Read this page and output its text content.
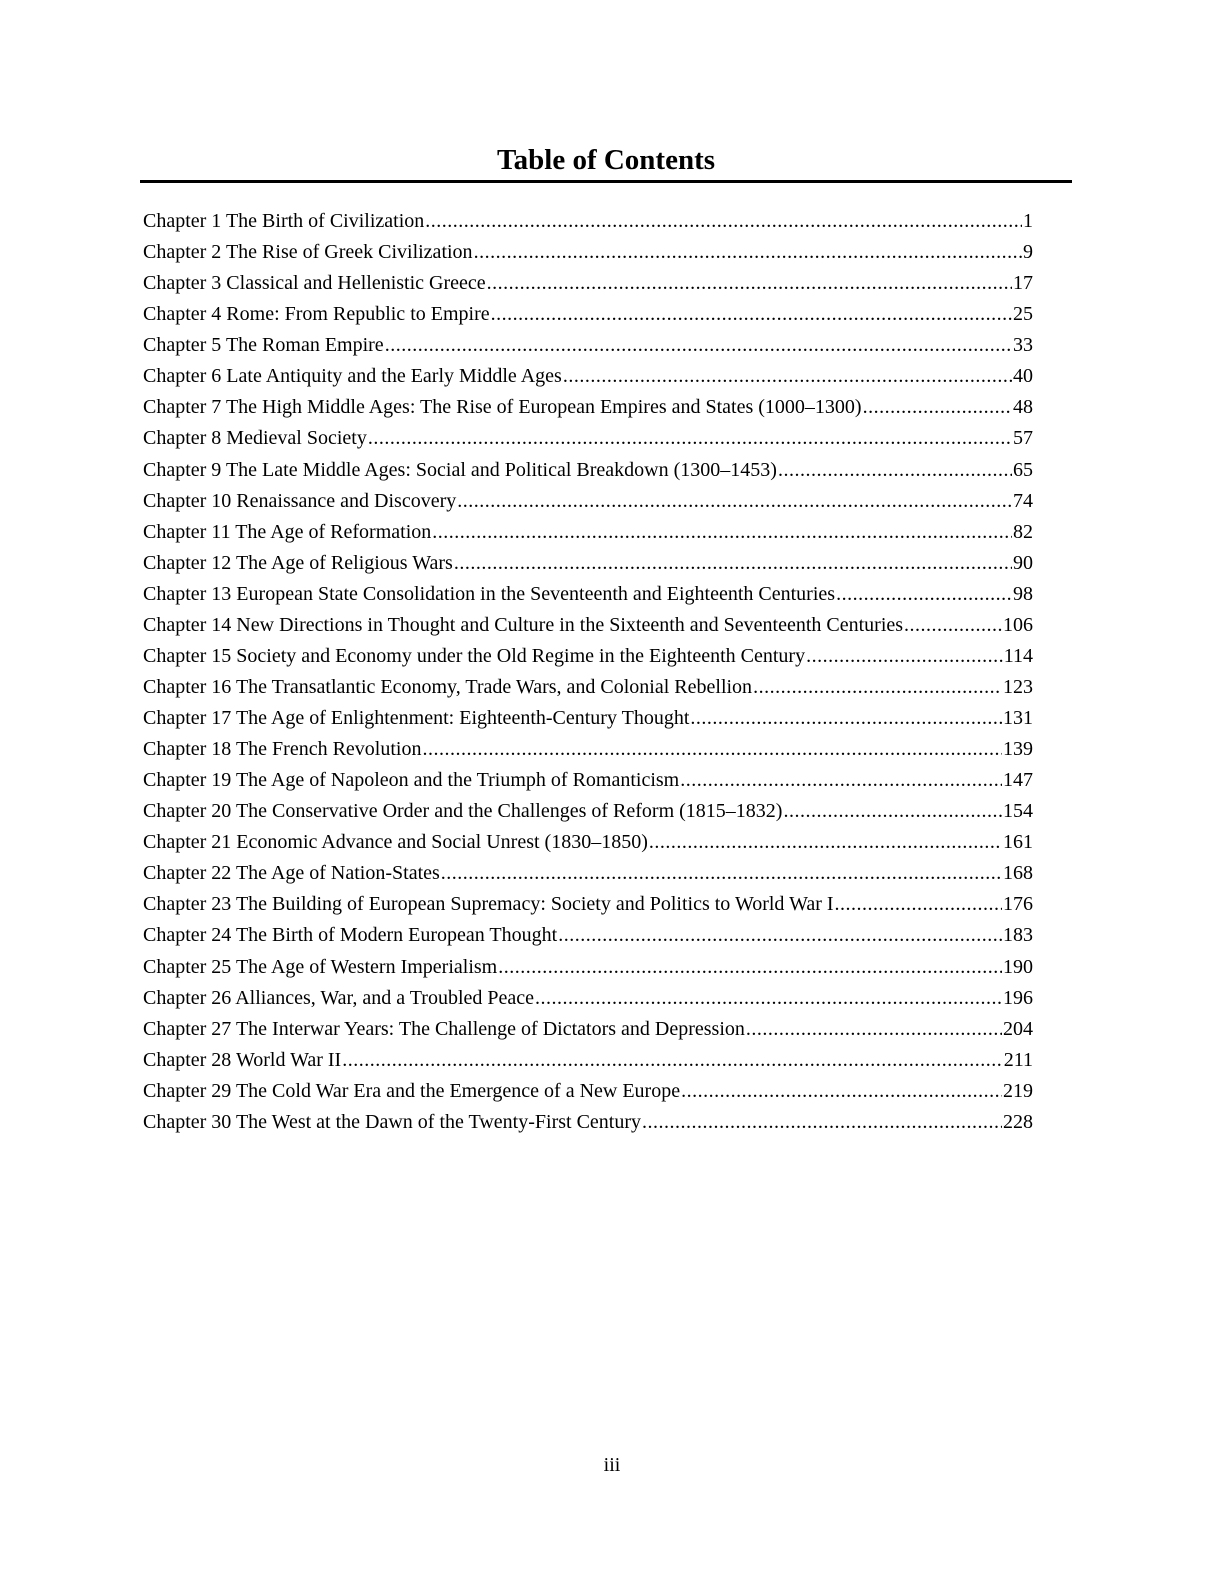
Table of Contents
Chapter 1 The Birth of Civilization .....	1
Chapter 2 The Rise of Greek Civilization .....	9
Chapter 3 Classical and Hellenistic Greece .....	17
Chapter 4 Rome: From Republic to Empire .....	25
Chapter 5 The Roman Empire .....	33
Chapter 6 Late Antiquity and the Early Middle Ages .....	40
Chapter 7 The High Middle Ages: The Rise of European Empires and States (1000–1300) .....	48
Chapter 8 Medieval Society .....	57
Chapter 9 The Late Middle Ages: Social and Political Breakdown (1300–1453) .....	65
Chapter 10 Renaissance and Discovery .....	74
Chapter 11 The Age of Reformation .....	82
Chapter 12 The Age of Religious Wars .....	90
Chapter 13 European State Consolidation in the Seventeenth and Eighteenth Centuries .....	98
Chapter 14 New Directions in Thought and Culture in the Sixteenth and Seventeenth Centuries .....	106
Chapter 15 Society and Economy under the Old Regime in the Eighteenth Century .....	114
Chapter 16 The Transatlantic Economy, Trade Wars, and Colonial Rebellion .....	123
Chapter 17 The Age of Enlightenment: Eighteenth-Century Thought .....	131
Chapter 18 The French Revolution .....	139
Chapter 19 The Age of Napoleon and the Triumph of Romanticism .....	147
Chapter 20 The Conservative Order and the Challenges of Reform (1815–1832) .....	154
Chapter 21 Economic Advance and Social Unrest (1830–1850) .....	161
Chapter 22 The Age of Nation-States .....	168
Chapter 23 The Building of European Supremacy: Society and Politics to World War I .....	176
Chapter 24 The Birth of Modern European Thought .....	183
Chapter 25 The Age of Western Imperialism .....	190
Chapter 26 Alliances, War, and a Troubled Peace .....	196
Chapter 27 The Interwar Years: The Challenge of Dictators and Depression .....	204
Chapter 28 World War II .....	211
Chapter 29 The Cold War Era and the Emergence of a New Europe .....	219
Chapter 30 The West at the Dawn of the Twenty-First Century .....	228
iii
